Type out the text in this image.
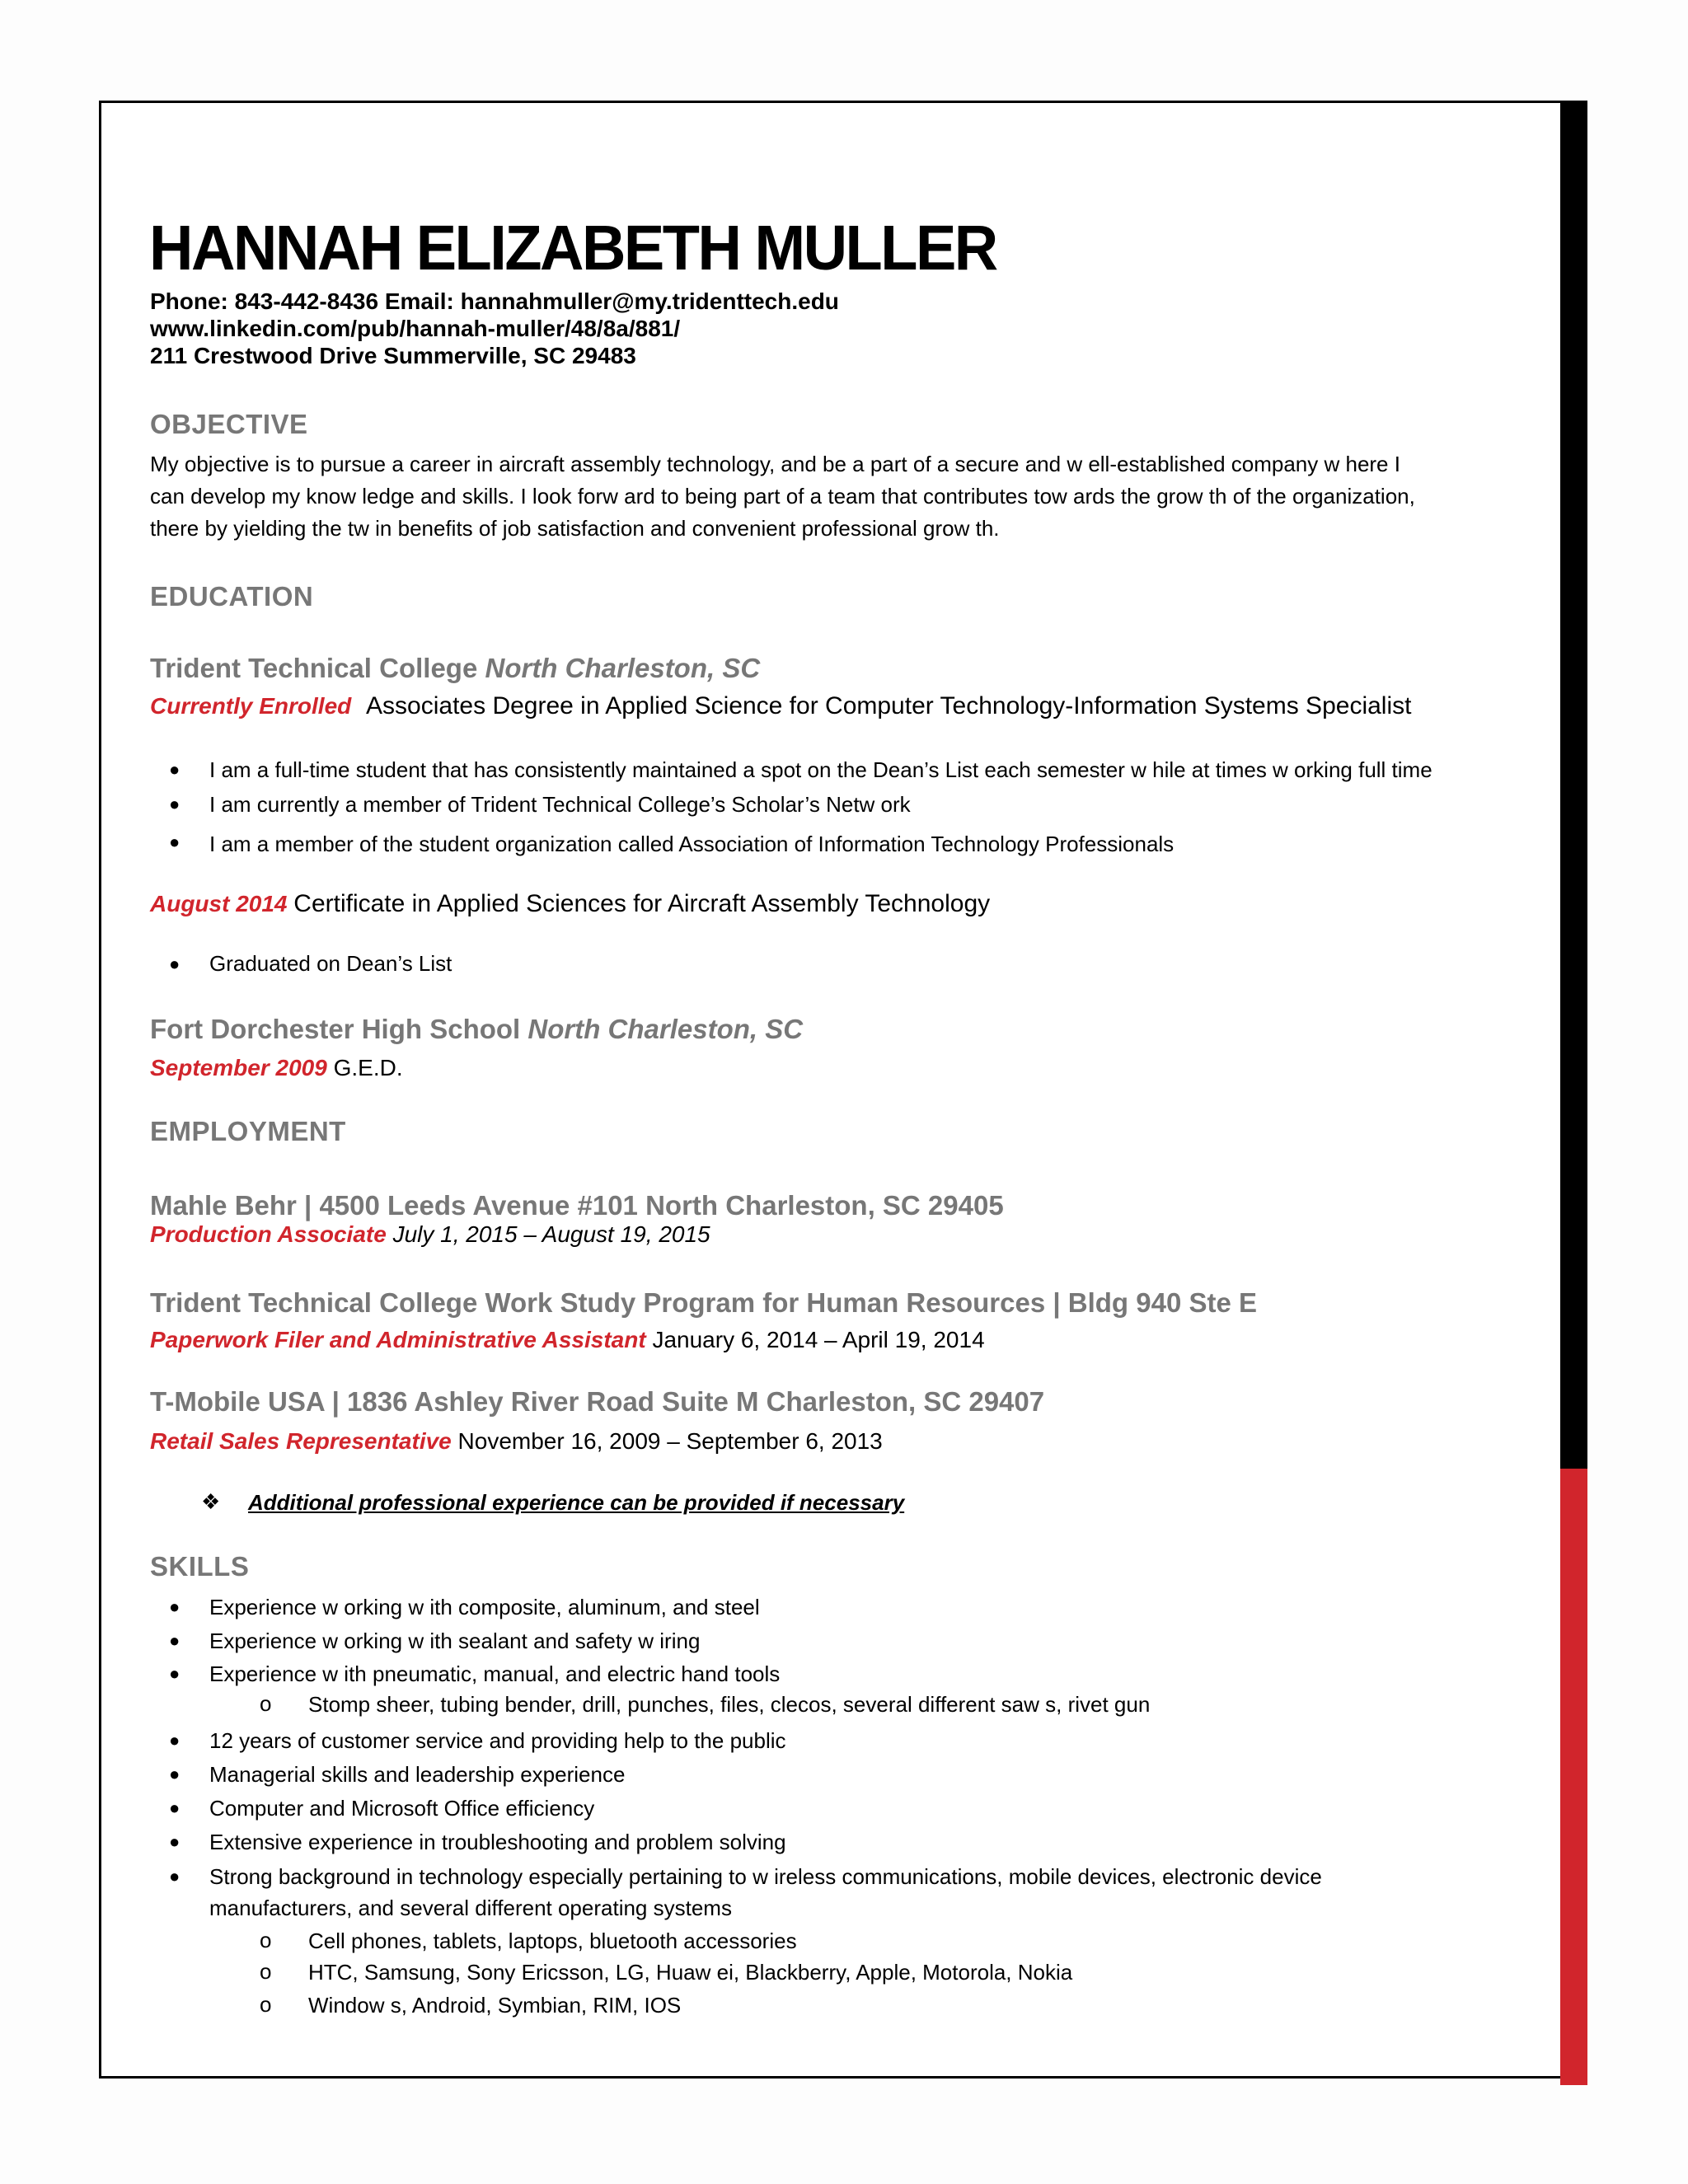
HANNAH ELIZABETH MULLER
Phone: 843-442-8436 Email: hannahmuller@my.tridenttech.edu
www.linkedin.com/pub/hannah-muller/48/8a/881/
211 Crestwood Drive Summerville, SC 29483
OBJECTIVE
My objective is to pursue a career in aircraft assembly technology, and be a part of a secure and w ell-established company w here I
can develop my know ledge and skills. I look forw ard to being part of a team that contributes tow ards the grow th of the organization,
there by yielding the tw in benefits of job satisfaction and convenient professional grow th.
EDUCATION
Trident Technical College North Charleston, SC
Currently Enrolled Associates Degree in Applied Science for Computer Technology-Information Systems Specialist
● I am a full-time student that has consistently maintained a spot on the Dean’s List each semester w hile at times w orking full time
● I am currently a member of Trident Technical College’s Scholar’s Netw ork
● I am a member of the student organization called Association of Information Technology Professionals
August 2014 Certificate in Applied Sciences for Aircraft Assembly Technology
● Graduated on Dean’s List
Fort Dorchester High School North Charleston, SC
September 2009 G.E.D.
EMPLOYMENT
Mahle Behr | 4500 Leeds Avenue #101 North Charleston, SC 29405
Production Associate July 1, 2015 – August 19, 2015
Trident Technical College Work Study Program for Human Resources | Bldg 940 Ste E
Paperwork Filer and Administrative Assistant January 6, 2014 – April 19, 2014
T-Mobile USA | 1836 Ashley River Road Suite M Charleston, SC 29407
Retail Sales Representative November 16, 2009 – September 6, 2013
❖ Additional professional experience can be provided if necessary
SKILLS
● Experience w orking w ith composite, aluminum, and steel
● Experience w orking w ith sealant and safety w iring
● Experience w ith pneumatic, manual, and electric hand tools
o Stomp sheer, tubing bender, drill, punches, files, clecos, several different saw s, rivet gun
● 12 years of customer service and providing help to the public
● Managerial skills and leadership experience
● Computer and Microsoft Office efficiency
● Extensive experience in troubleshooting and problem solving
● Strong background in technology especially pertaining to w ireless communications, mobile devices, electronic device
manufacturers, and several different operating systems
o Cell phones, tablets, laptops, bluetooth accessories
o HTC, Samsung, Sony Ericsson, LG, Huaw ei, Blackberry, Apple, Motorola, Nokia
o Window s, Android, Symbian, RIM, IOS
